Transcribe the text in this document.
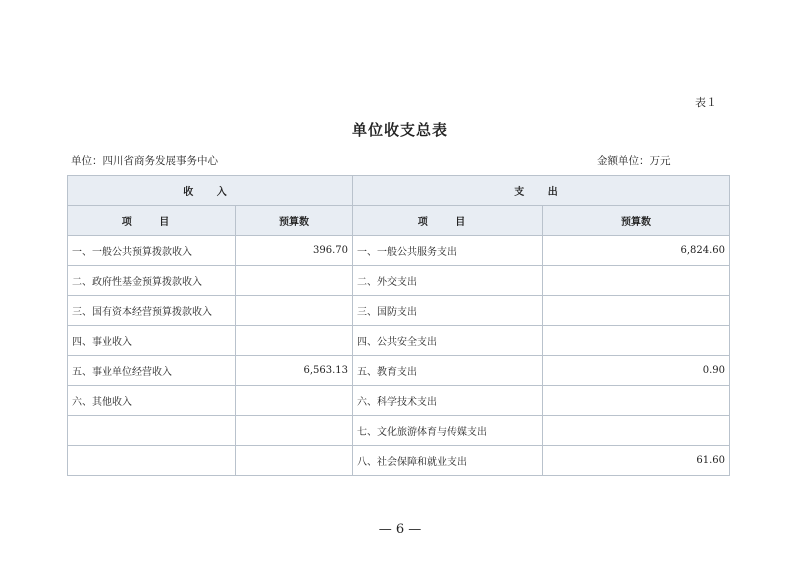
表１
单位收支总表
单位：四川省商务发展事务中心	金额单位：万元
收 入		支 出	
项 目	预算数	项 目	预算数
一、一般公共预算拨款收入	396.70	一、一般公共服务支出	6,824.60
二、政府性基金预算拨款收入		二、外交支出	
三、国有资本经营预算拨款收入		三、国防支出	
四、事业收入		四、公共安全支出	
五、事业单位经营收入	6,563.13	五、教育支出	0.90
六、其他收入		六、科学技术支出	
		七、文化旅游体育与传媒支出	
		八、社会保障和就业支出	61.60
— 6 —
